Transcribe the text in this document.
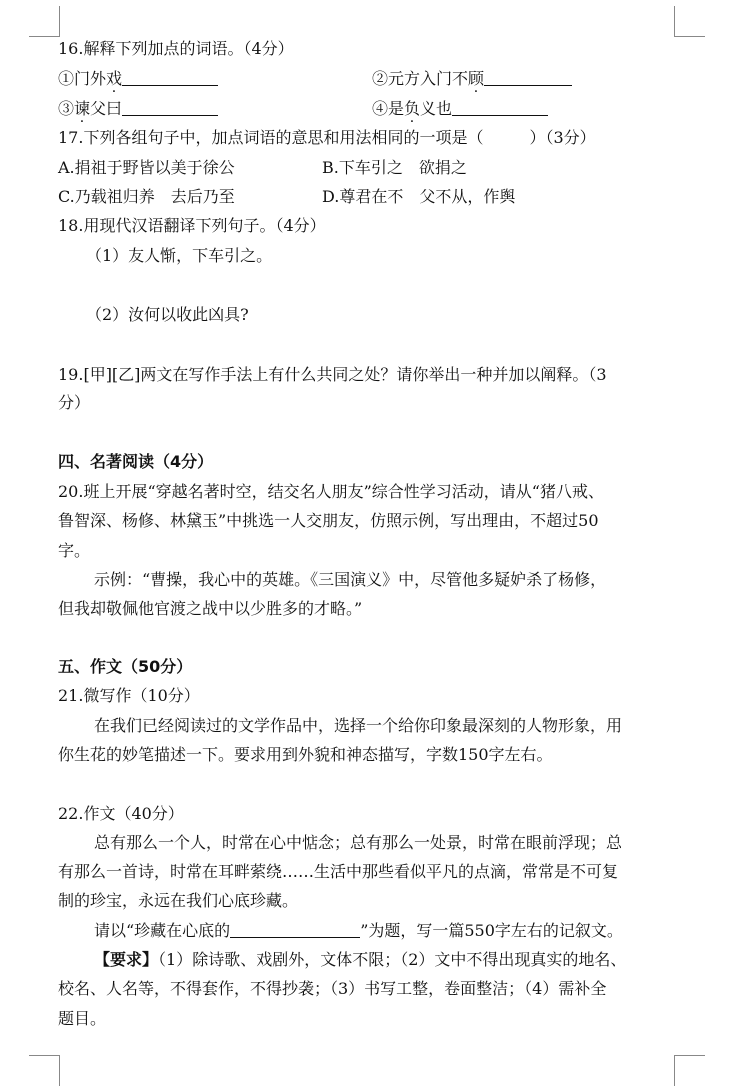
16.解释下列加点的词语。（4分）
①门外戏	②元方入门不顾
③谏父曰	④是负义也
17.下列各组句子中，加点词语的意思和用法相同的一项是（	）（3分）
A.捐祖于野皆以美于徐公	B.下车引之　欲捐之
C.乃载祖归养　去后乃至	D.尊君在不　父不从，作舆
18.用现代汉语翻译下列句子。（4分）
（1）友人惭，下车引之。
（2）汝何以收此凶具?
19.[甲][乙]两文在写作手法上有什么共同之处？请你举出一种并加以阐释。（3
分）
四、名著阅读（4分）
20.班上开展“穿越名著时空，结交名人朋友”综合性学习活动，请从“猪八戒、
鲁智深、杨修、林黛玉”中挑选一人交朋友，仿照示例，写出理由，不超过50
字。
示例：“曹操，我心中的英雄。《三国演义》中，尽管他多疑妒杀了杨修，
但我却敬佩他官渡之战中以少胜多的才略。”
五、作文（50分）
21.微写作（10分）
在我们已经阅读过的文学作品中，选择一个给你印象最深刻的人物形象，用
你生花的妙笔描述一下。要求用到外貌和神态描写，字数150字左右。
22.作文（40分）
总有那么一个人，时常在心中惦念；总有那么一处景，时常在眼前浮现；总
有那么一首诗，时常在耳畔萦绕……生活中那些看似平凡的点滴，常常是不可复
制的珍宝，永远在我们心底珍藏。
请以“珍藏在心底的	”为题，写一篇550字左右的记叙文。
【要求】（1）除诗歌、戏剧外，文体不限；（2）文中不得出现真实的地名、
校名、人名等，不得套作，不得抄袭；（3）书写工整，卷面整洁；（4）需补全
题目。
